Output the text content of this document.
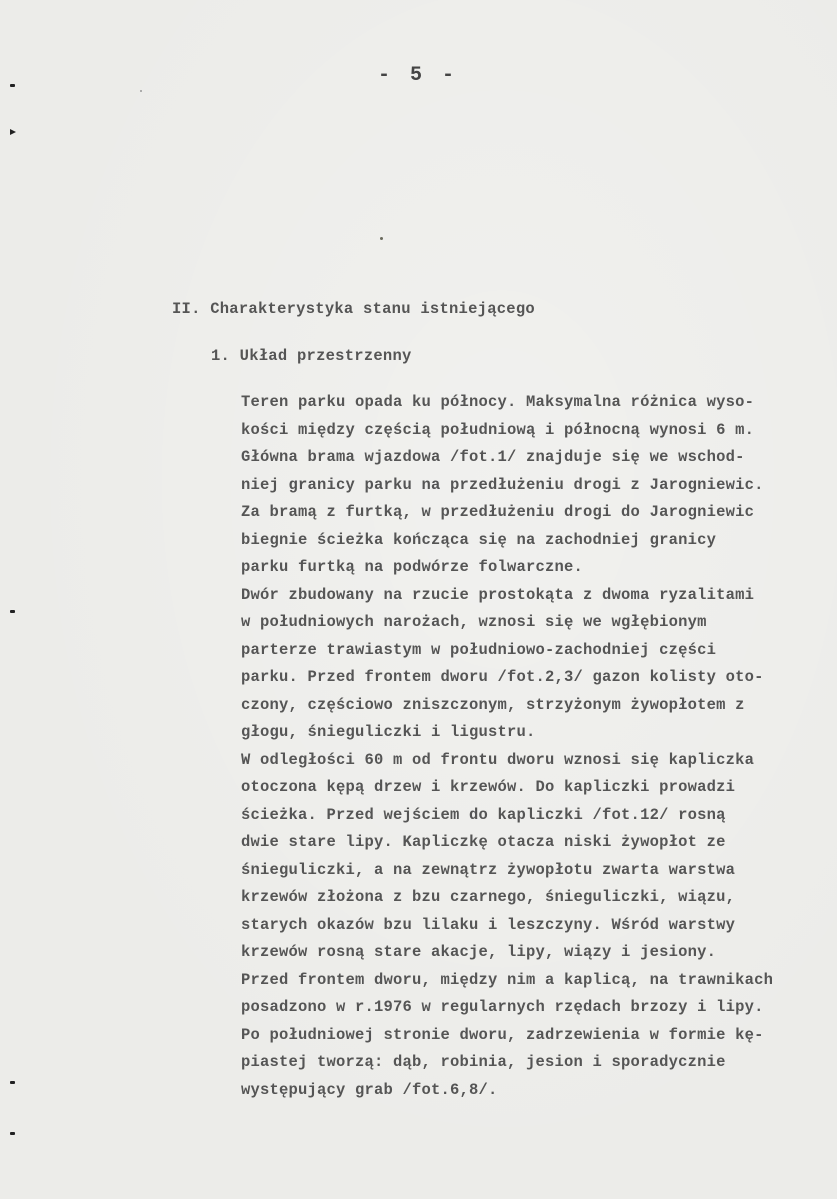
- 5 -
II. Charakterystyka stanu istniejącego
1. Układ przestrzenny
Teren parku opada ku północy. Maksymalna różnica wyso-
kości między częścią południową i północną wynosi 6 m.
Główna brama wjazdowa /fot.1/ znajduje się we wschod-
niej granicy parku na przedłużeniu drogi z Jarogniewic.
Za bramą z furtką, w przedłużeniu drogi do Jarogniewic
biegnie ścieżka kończąca się na zachodniej granicy
parku furtką na podwórze folwarczne.
Dwór zbudowany na rzucie prostokąta z dwoma ryzalitami
w południowych narożach, wznosi się we wgłębionym
parterze trawiastym w południowo-zachodniej części
parku. Przed frontem dworu /fot.2,3/ gazon kolisty oto-
czony, częściowo zniszczonym, strzyżonym żywopłotem z
głogu, śnieguliczki i ligustru.
W odległości 60 m od frontu dworu wznosi się kapliczka
otoczona kępą drzew i krzewów. Do kapliczki prowadzi
ścieżka. Przed wejściem do kapliczki /fot.12/ rosną
dwie stare lipy. Kapliczkę otacza niski żywopłot ze
śnieguliczki, a na zewnątrz żywopłotu zwarta warstwa
krzewów złożona z bzu czarnego, śnieguliczki, wiązu,
starych okazów bzu lilaku i leszczyny. Wśród warstwy
krzewów rosną stare akacje, lipy, wiązy i jesiony.
Przed frontem dworu, między nim a kaplicą, na trawnikach
posadzono w r.1976 w regularnych rzędach brzozy i lipy.
Po południowej stronie dworu, zadrzewienia w formie kę-
piastej tworzą: dąb, robinia, jesion i sporadycznie
występujący grab /fot.6,8/.
